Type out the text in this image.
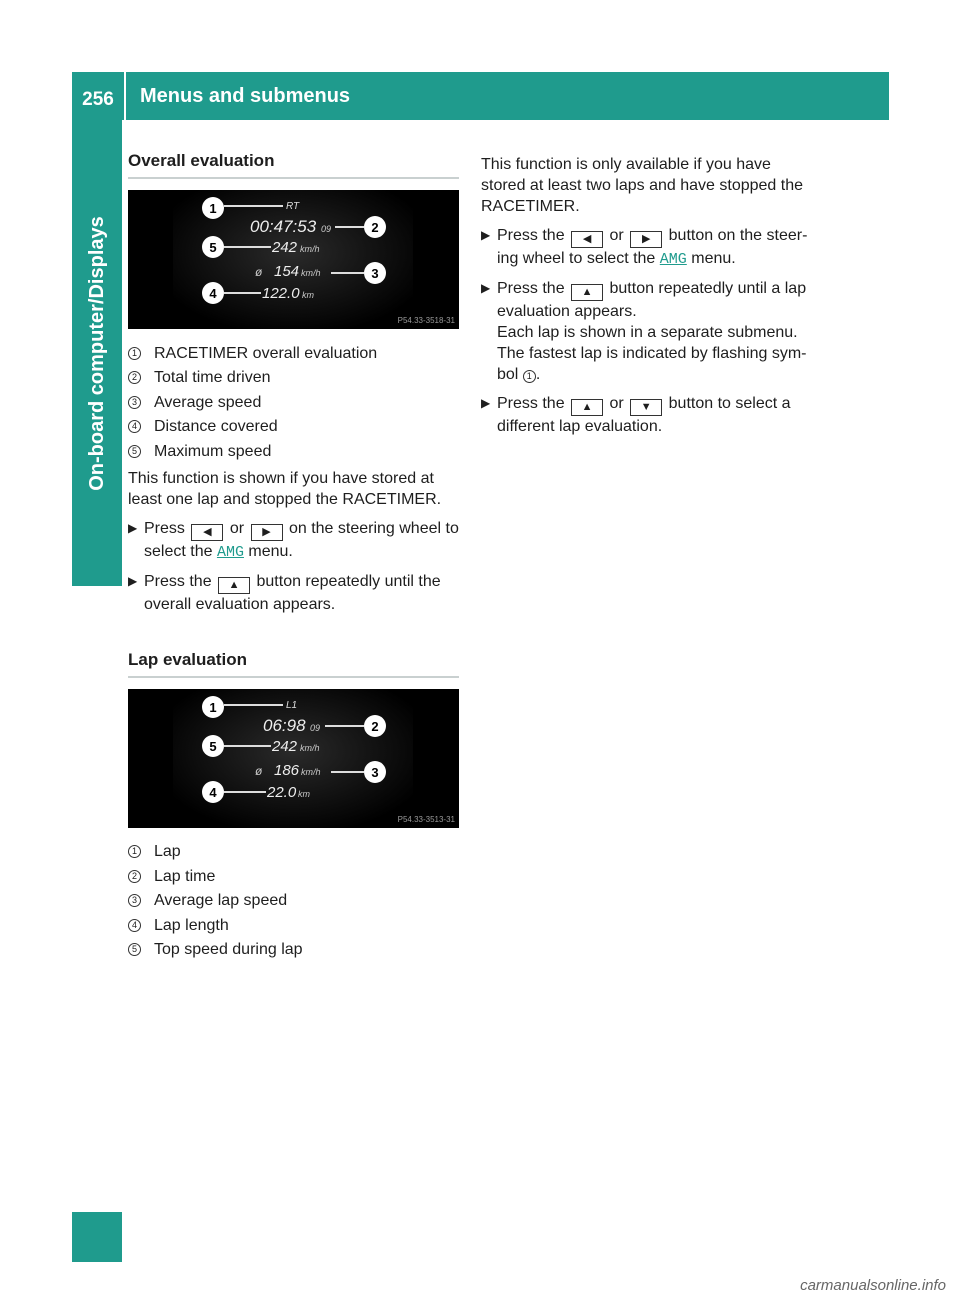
256	Menus and submenus
On-board computer/Displays
Overall evaluation
1	RT
00:47:53 09	2
5	242 km/h
ø 154 km/h	3
4	122.0 km
P54.33-3518-31
1 RACETIMER overall evaluation
2 Total time driven
3 Average speed
4 Distance covered
5 Maximum speed

This function is shown if you have stored at least one lap and stopped the RACETIMER.

▶ Press ◀ or ▶ on the steering wheel to select the AMG menu.
▶ Press the ▲ button repeatedly until the overall evaluation appears.
Lap evaluation
1	L1
06:98 09	2
5	242 km/h
ø 186 km/h	3
4	22.0 km
P54.33-3513-31
1 Lap
2 Lap time
3 Average lap speed
4 Lap length
5 Top speed during lap

This function is only available if you have stored at least two laps and have stopped the RACETIMER.

▶ Press the ◀ or ▶ button on the steer-ing wheel to select the AMG menu.
▶ Press the ▲ button repeatedly until a lap evaluation appears.
Each lap is shown in a separate submenu.
The fastest lap is indicated by flashing sym-bol 1 .
▶ Press the ▲ or ▼ button to select a different lap evaluation.
carmanualsonline.info
